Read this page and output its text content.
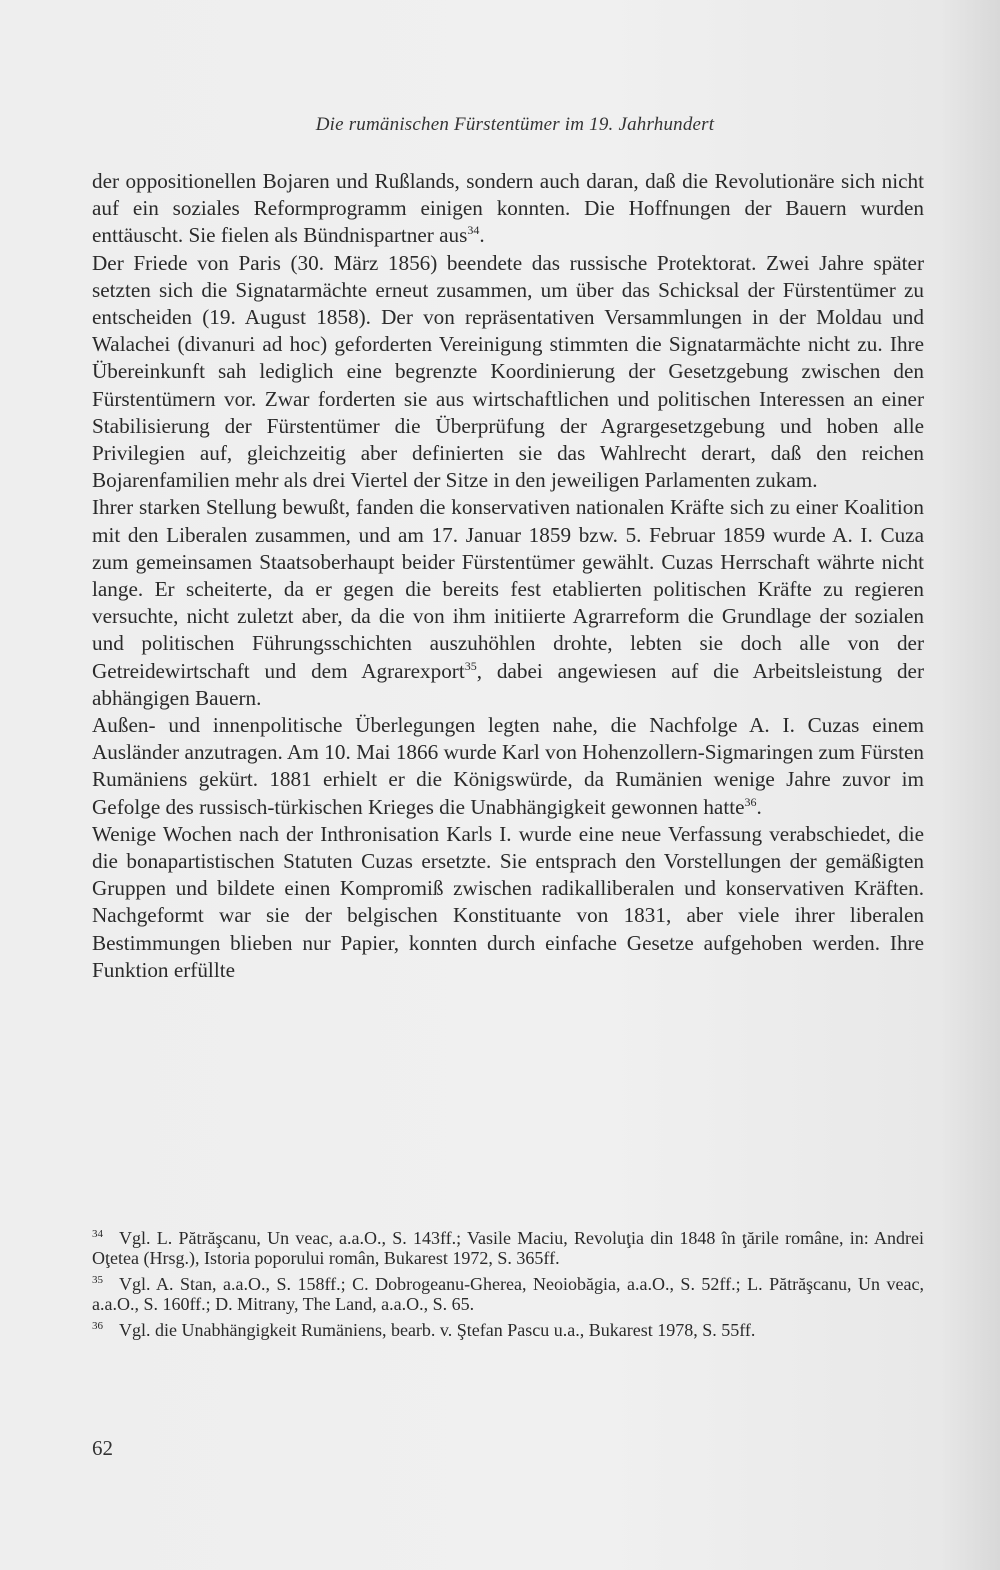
Die rumänischen Fürstentümer im 19. Jahrhundert

der oppositionellen Bojaren und Rußlands, sondern auch daran, daß die Revolutionäre sich nicht auf ein soziales Reformprogramm einigen konnten. Die Hoffnungen der Bauern wurden enttäuscht. Sie fielen als Bündnispartner aus$^{34}$.

Der Friede von Paris (30. März 1856) beendete das russische Protektorat. Zwei Jahre später setzten sich die Signatarmächte erneut zusammen, um über das Schicksal der Fürstentümer zu entscheiden (19. August 1858). Der von repräsentativen Versammlungen in der Moldau und Walachei (divanuri ad hoc) geforderten Vereinigung stimmten die Signatarmächte nicht zu. Ihre Übereinkunft sah lediglich eine begrenzte Koordinierung der Gesetzgebung zwischen den Fürstentümern vor. Zwar forderten sie aus wirtschaftlichen und politischen Interessen an einer Stabilisierung der Fürstentümer die Überprüfung der Agrargesetzgebung und hoben alle Privilegien auf, gleichzeitig aber definierten sie das Wahlrecht derart, daß den reichen Bojarenfamilien mehr als drei Viertel der Sitze in den jeweiligen Parlamenten zukam.

Ihrer starken Stellung bewußt, fanden die konservativen nationalen Kräfte sich zu einer Koalition mit den Liberalen zusammen, und am 17. Januar 1859 bzw. 5. Februar 1859 wurde A. I. Cuza zum gemeinsamen Staatsoberhaupt beider Fürstentümer gewählt. Cuzas Herrschaft währte nicht lange. Er scheiterte, da er gegen die bereits fest etablierten politischen Kräfte zu regieren versuchte, nicht zuletzt aber, da die von ihm initiierte Agrarreform die Grundlage der sozialen und politischen Führungsschichten auszuhöhlen drohte, lebten sie doch alle von der Getreidewirtschaft und dem Agrarexport$^{35}$, dabei angewiesen auf die Arbeitsleistung der abhängigen Bauern.

Außen- und innenpolitische Überlegungen legten nahe, die Nachfolge A. I. Cuzas einem Ausländer anzutragen. Am 10. Mai 1866 wurde Karl von Hohenzollern-Sigmaringen zum Fürsten Rumäniens gekürt. 1881 erhielt er die Königswürde, da Rumänien wenige Jahre zuvor im Gefolge des russisch-türkischen Krieges die Unabhängigkeit gewonnen hatte$^{36}$.

Wenige Wochen nach der Inthronisation Karls I. wurde eine neue Verfassung verabschiedet, die die bonapartistischen Statuten Cuzas ersetzte. Sie entsprach den Vorstellungen der gemäßigten Gruppen und bildete einen Kompromiß zwischen radikalliberalen und konservativen Kräften. Nachgeformt war sie der belgischen Konstituante von 1831, aber viele ihrer liberalen Bestimmungen blieben nur Papier, konnten durch einfache Gesetze aufgehoben werden. Ihre Funktion erfüllte

$^{34}$ Vgl. L. Pătrăşcanu, Un veac, a.a.O., S. 143ff.; Vasile Maciu, Revoluţia din 1848 în ţările române, in: Andrei Oţetea (Hrsg.), Istoria poporului român, Bukarest 1972, S. 365ff.
$^{35}$ Vgl. A. Stan, a.a.O., S. 158ff.; C. Dobrogeanu-Gherea, Neoiobăgia, a.a.O., S. 52ff.; L. Pătrăşcanu, Un veac, a.a.O., S. 160ff.; D. Mitrany, The Land, a.a.O., S. 65.
$^{36}$ Vgl. die Unabhängigkeit Rumäniens, bearb. v. Ştefan Pascu u.a., Bukarest 1978, S. 55ff.
62
